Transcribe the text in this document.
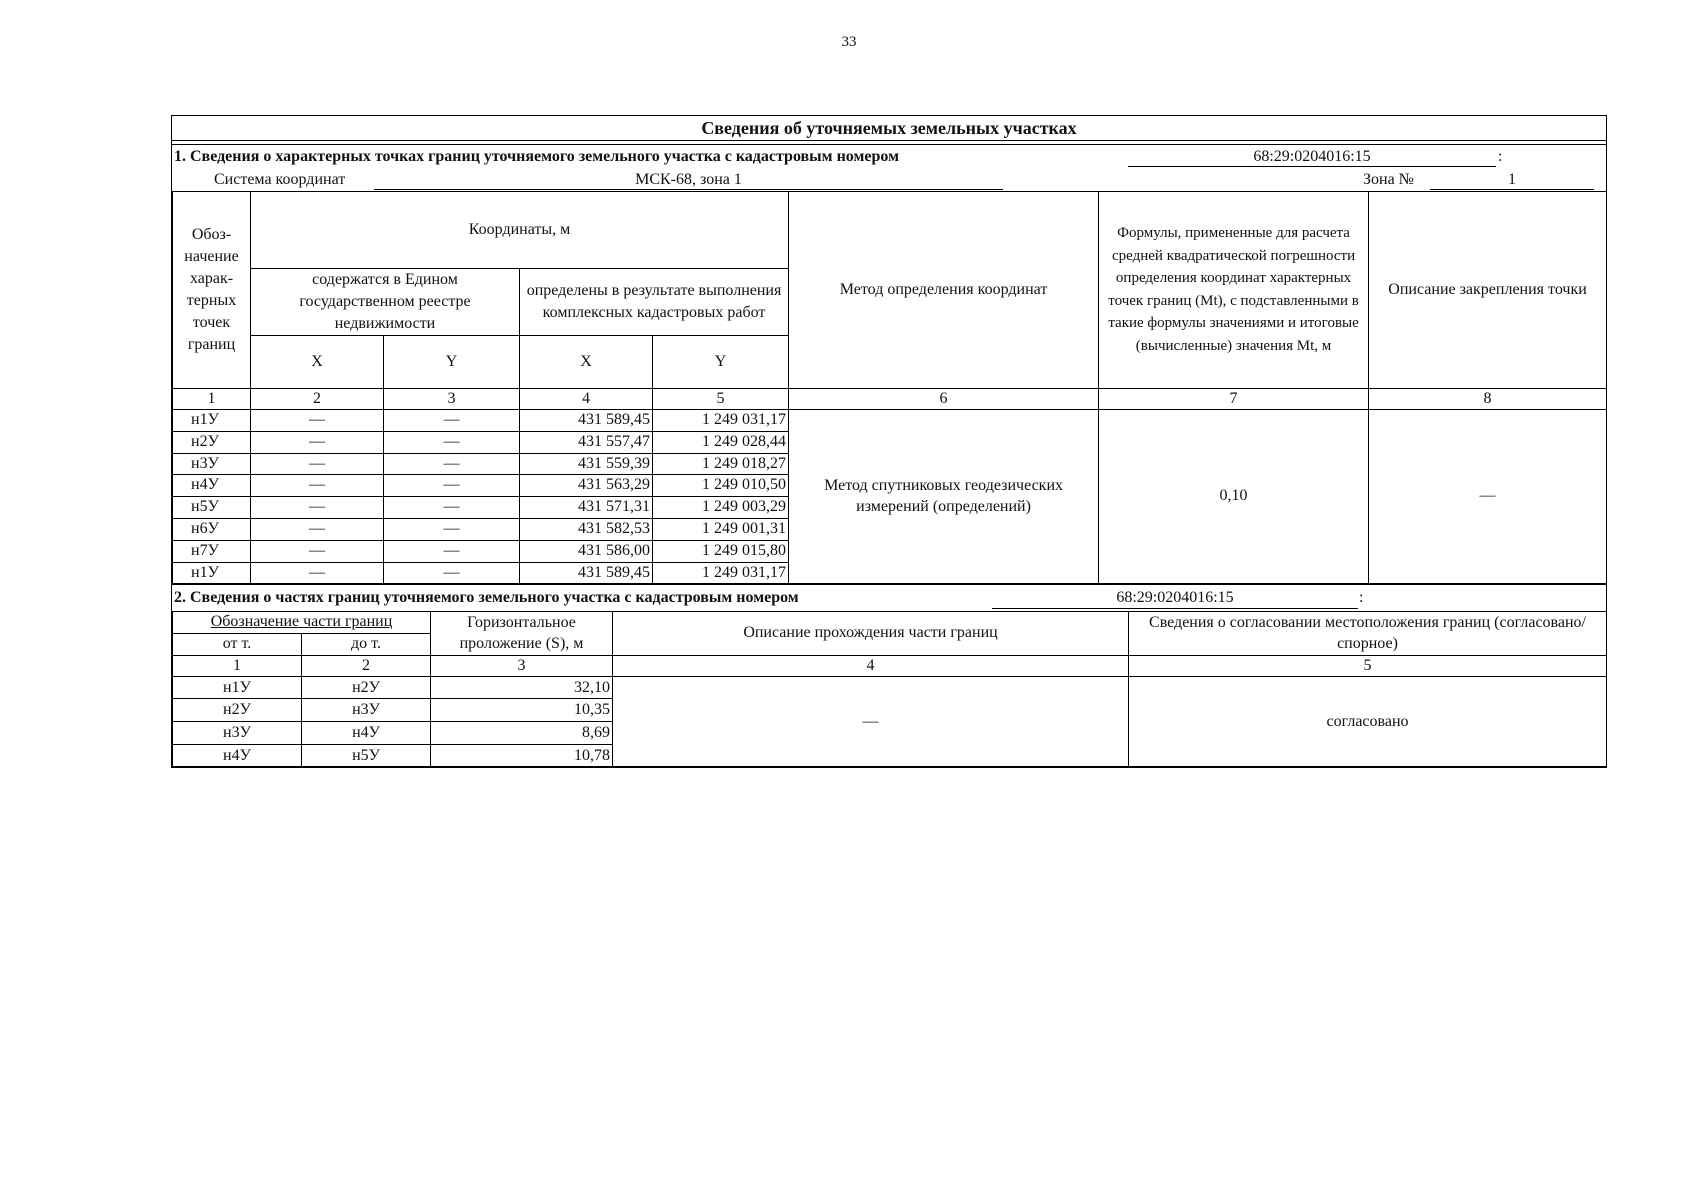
33
Сведения об уточняемых земельных участках
1. Сведения о характерных точках границ уточняемого земельного участка с кадастровым номером	68:29:0204016:15	:
Система координат	МСК-68, зона 1	Зона №	1
Обоз-начение харак-терных точек границ	Координаты, м				Метод определения координат	Формулы, примененные для расчета средней квадратической погрешности определения координат характерных точек границ (Mt), с подставленными в такие формулы значениями и итоговые (вычисленные) значения Mt, м	Описание закрепления точки
	содержатся в Едином государственном реестре недвижимости		определены в результате выполнения комплексных кадастровых работ				
	X	Y	X	Y			
1	2	3	4	5	6	7	8
н1У	—	—	431 589,45	1 249 031,17	Метод спутниковых геодезических измерений (определений)	0,10	—
н2У	—	—	431 557,47	1 249 028,44			
н3У	—	—	431 559,39	1 249 018,27			
н4У	—	—	431 563,29	1 249 010,50			
н5У	—	—	431 571,31	1 249 003,29			
н6У	—	—	431 582,53	1 249 001,31			
н7У	—	—	431 586,00	1 249 015,80			
н1У	—	—	431 589,45	1 249 031,17			
2. Сведения о частях границ уточняемого земельного участка с кадастровым номером	68:29:0204016:15	:
Обозначение части границ		Горизонтальное проложение (S), м	Описание прохождения части границ	Сведения о согласовании местоположения границ (согласовано/спорное)
от т.	до т.			
1	2	3	4	5
н1У	н2У	32,10	—	согласовано
н2У	н3У	10,35		
н3У	н4У	8,69		
н4У	н5У	10,78		
